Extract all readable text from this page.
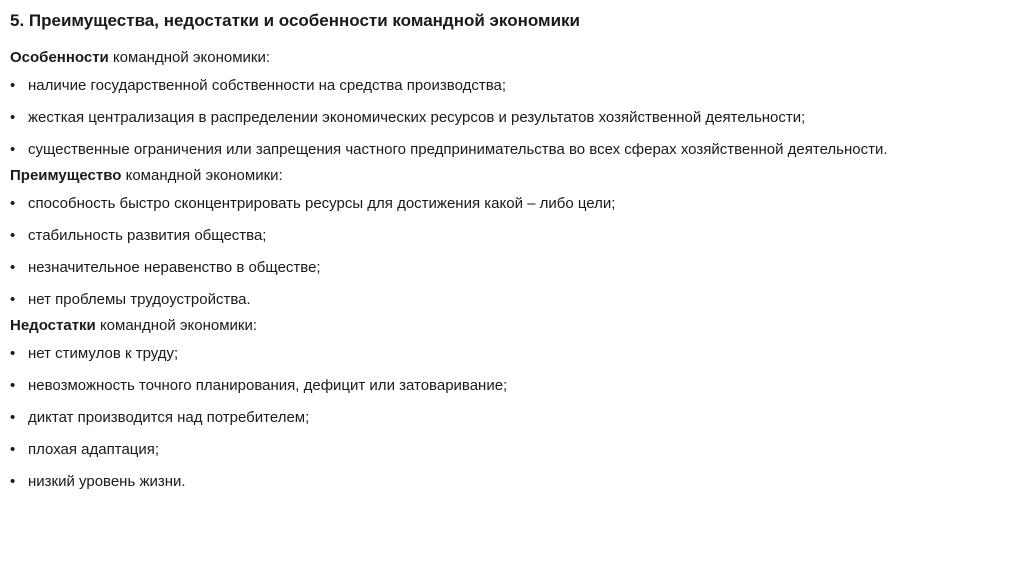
5. Преимущества, недостатки и особенности командной экономики
Особенности командной экономики:
• наличие государственной собственности на средства производства;
• жесткая централизация в распределении экономических ресурсов и результатов хозяйственной деятельности;
• существенные ограничения или запрещения частного предпринимательства во всех сферах хозяйственной деятельности.
Преимущество командной экономики:
• способность быстро сконцентрировать ресурсы для достижения какой – либо цели;
• стабильность развития общества;
• незначительное неравенство в обществе;
• нет проблемы трудоустройства.
Недостатки командной экономики:
• нет стимулов к труду;
• невозможность точного планирования, дефицит или затоваривание;
• диктат производится над потребителем;
• плохая адаптация;
• низкий уровень жизни.
